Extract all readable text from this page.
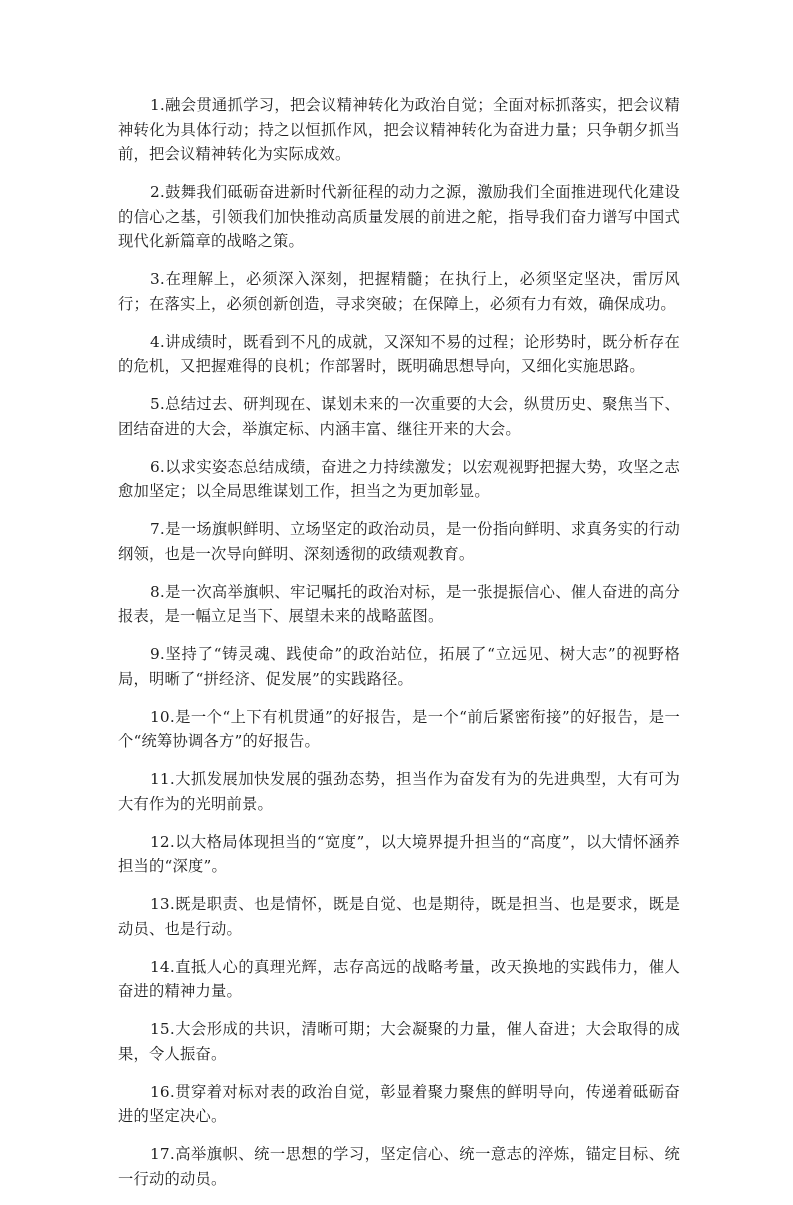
1.融会贯通抓学习，把会议精神转化为政治自觉；全面对标抓落实，把会议精神转化为具体行动；持之以恒抓作风，把会议精神转化为奋进力量；只争朝夕抓当前，把会议精神转化为实际成效。

2.鼓舞我们砥砺奋进新时代新征程的动力之源，激励我们全面推进现代化建设的信心之基，引领我们加快推动高质量发展的前进之舵，指导我们奋力谱写中国式现代化新篇章的战略之策。

3.在理解上，必须深入深刻，把握精髓；在执行上，必须坚定坚决，雷厉风行；在落实上，必须创新创造，寻求突破；在保障上，必须有力有效，确保成功。

4.讲成绩时，既看到不凡的成就，又深知不易的过程；论形势时，既分析存在的危机，又把握难得的良机；作部署时，既明确思想导向，又细化实施思路。

5.总结过去、研判现在、谋划未来的一次重要的大会，纵贯历史、聚焦当下、团结奋进的大会，举旗定标、内涵丰富、继往开来的大会。

6.以求实姿态总结成绩，奋进之力持续激发；以宏观视野把握大势，攻坚之志愈加坚定；以全局思维谋划工作，担当之为更加彰显。

7.是一场旗帜鲜明、立场坚定的政治动员，是一份指向鲜明、求真务实的行动纲领，也是一次导向鲜明、深刻透彻的政绩观教育。

8.是一次高举旗帜、牢记嘱托的政治对标，是一张提振信心、催人奋进的高分报表，是一幅立足当下、展望未来的战略蓝图。

9.坚持了“铸灵魂、践使命”的政治站位，拓展了“立远见、树大志”的视野格局，明晰了“拼经济、促发展”的实践路径。

10.是一个“上下有机贯通”的好报告，是一个“前后紧密衔接”的好报告，是一个“统筹协调各方”的好报告。

11.大抓发展加快发展的强劲态势，担当作为奋发有为的先进典型，大有可为大有作为的光明前景。

12.以大格局体现担当的“宽度”，以大境界提升担当的“高度”，以大情怀涵养担当的“深度”。

13.既是职责、也是情怀，既是自觉、也是期待，既是担当、也是要求，既是动员、也是行动。

14.直抵人心的真理光辉，志存高远的战略考量，改天换地的实践伟力，催人奋进的精神力量。

15.大会形成的共识，清晰可期；大会凝聚的力量，催人奋进；大会取得的成果，令人振奋。

16.贯穿着对标对表的政治自觉，彰显着聚力聚焦的鲜明导向，传递着砥砺奋进的坚定决心。

17.高举旗帜、统一思想的学习，坚定信心、统一意志的淬炼，锚定目标、统一行动的动员。
